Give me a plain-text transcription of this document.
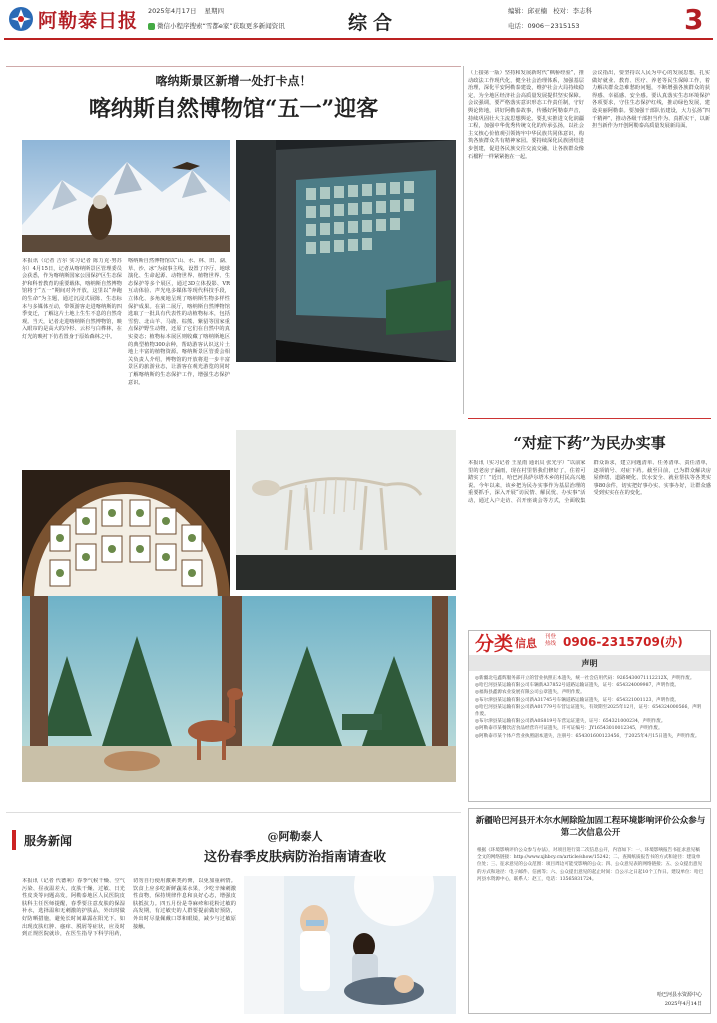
阿勒泰日报 2025年4月17日 星期四
微信小程序搜索“雪都e家”获取更多新闻资讯	综合
编辑：邱亚楠 校对：李志科
电话：0906－2315153	3
喀纳斯景区新增一处打卡点！
喀纳斯自然博物馆“五一”迎客
本报讯（记者 吉尔 实习记者 陈力克·努苏尔）4月15日，记者从喀纳斯景区管理委员会获悉，作为喀纳斯国家公园保护区生态保护和科普教育的重要载体，喀纳斯自然博物馆将于“五一”期间对外开放，这里以“奔跑的生命”为主题，通过沉浸式展陈、生态标本与多媒体互动，带领游客走进喀纳斯的四季变迁，了解这片土地上生生不息的自然奇观。当天，记者走进喀纳斯自然博物馆，映入眼帘的是高大的冷杉、云杉与白桦林，在灯光的映衬下仿若置身于原始森林之中。
喀纳斯自然博物馆以“山、水、林、田、湖、草、沙、冰”为叙事主线，设置了序厅、地球演化、生命起源、动物世界、植物世界、生态保护等多个展区，通过3D立体投影、VR互动体验、声光电多媒体等现代科技手段，立体化、多角度地呈现了喀纳斯生物多样性保护成果。在第二展厅，喀纳斯自然博物馆选取了一批具有代表性的动植物标本，包括雪豹、北山羊、马鹿、棕熊、紫貂等国家重点保护野生动物，还原了它们在自然中的真实姿态；植物标本展区则收藏了喀纳斯地区的典型植物300余种，帮助游客认识这片土地上丰富的植物资源。喀纳斯景区管委会相关负责人介绍，博物馆的开放将进一步丰富景区的旅游业态，让游客在观光游览的同时了解喀纳斯的生态保护工作，增强生态保护意识。
（上接第一版）坚持和发展新时代“枫桥经验”，推动政法工作现代化，健全社会治理体系，加强基层治理，深化平安阿勒泰建设，维护社会大局持续稳定，为全地区经济社会高质量发展提供坚实保障。会议强调，要严格落实意识形态工作责任制，守好舆论阵地，讲好阿勒泰故事，传播好阿勒泰声音，持续巩固壮大主流思想舆论。要扎实推进文化润疆工程，加强中华优秀传统文化的传承弘扬，以社会主义核心价值观引领铸牢中华民族共同体意识，构筑各族群众共有精神家园。要持续深化民族团结进步创建，促进各民族交往交流交融，让各族群众像石榴籽一样紧紧抱在一起。
会议指出，要坚持以人民为中心的发展思想，扎实做好就业、教育、医疗、养老等民生保障工作，着力解决群众急难愁盼问题，不断增强各族群众的获得感、幸福感、安全感。要认真落实生态环境保护各项要求，守住生态保护红线，推动绿色发展，建设美丽阿勒泰。要加强干部队伍建设，大力弘扬“四千精神”，推动各级干部担当作为、真抓实干，以新担当新作为开创阿勒泰高质量发展新局面。
“对症下药”为民办实事
本报讯（实习记者 王星雨 通讯员 张光宇）“以前家里的老房子漏雨，现在村里帮我们修好了，住着可踏实了！”近日，哈巴河县萨尔塔木乡的村民高兴地说。今年以来，该乡把为民办实事作为基层治理的重要抓手，深入开展“访民情、解民忧、办实事”活动，通过入户走访、召开座谈会等方式，全面收集群众诉求，建立问题清单、任务清单、责任清单，逐项销号、对症下药。截至目前，已为群众解决房屋修缮、道路硬化、饮水安全、就业帮扶等各类实事80余件，切实把好事办实、实事办好，让群众感受到实实在在的变化。
分类 信息 刊登热线 0906-2315709(办)
声明
◎新疆北屯鑫辉服务部开立的营业执照正本遗失，统一社会信用代码：9265430071112212X，声明作废。
◎哈巴河县某运输有限公司车辆新A37852号道路运输证遗失，证号：654324009987，声明作废。
◎福海县鑫源农业发展有限公司公章遗失，声明作废。
◎布尔津县某运输有限公司新A31745号车辆道路运输证遗失，证号：654321001123，声明作废。
◎哈巴河县某运输有限公司新A01779号车营运证遗失，有效期至2025年12月，证号：654324000566，声明作废。
◎布尔津县某运输有限公司新A0S819号车营运证遗失，证号：654321000234，声明作废。
◎阿勒泰市某餐饮店食品经营许可证遗失，许可证编号：JY16543010012345，声明作废。
◎阿勒泰市某个体户营业执照副本遗失，注册号：654301600123456，于2025年4月15日遗失，声明作废。
新疆哈巴河县开木尔水闸除险加固工程环境影响评价公众参与第二次信息公开
根据《环境影响评价公众参与办法》，对项目进行第二次信息公开，内容如下：一、环境影响报告书征求意见稿全文的网络链接：http://www.xjhbcy.cn/article/show/15242；二、查阅纸质报告书的方式和途径：建设单位处；三、征求意见的公众范围：项目周边可能受影响的公众；四、公众意见表的网络链接；五、公众提出意见的方式和途径：电子邮件、信函等；六、公众提出意见的起止时间：自公示之日起10个工作日。建设单位：哈巴河县水资源中心，联系人：赵工，电话：13565831724。
哈巴河县水资源中心
2025年4月14日
服务新闻	@阿勒泰人
这份春季皮肤病防治指南请查收
本报讯（记者 代德利）春季气候干燥、空气污染、昼夜温差大、皮肤干燥、过敏、日光性皮炎等问题高发。阿勒泰地区人民医院皮肤科主任医师提醒，春季要注意皮肤的保湿补水，选择温和无刺激的护肤品，外出时做好防晒措施，避免长时间暴露在阳光下。如出现皮肤红肿、瘙痒、脱屑等症状，应及时到正规医院就诊，在医生指导下科学用药，切勿自行使用激素类药膏，以免加重病情。饮食上应多吃新鲜蔬菜水果，少吃辛辣刺激性食物，保持规律作息和良好心态，增强皮肤抵抗力。四五月份是荨麻疹和花粉过敏的高发期，有过敏史的人群要提前做好预防，外出时尽量佩戴口罩和眼镜，减少与过敏原接触。
